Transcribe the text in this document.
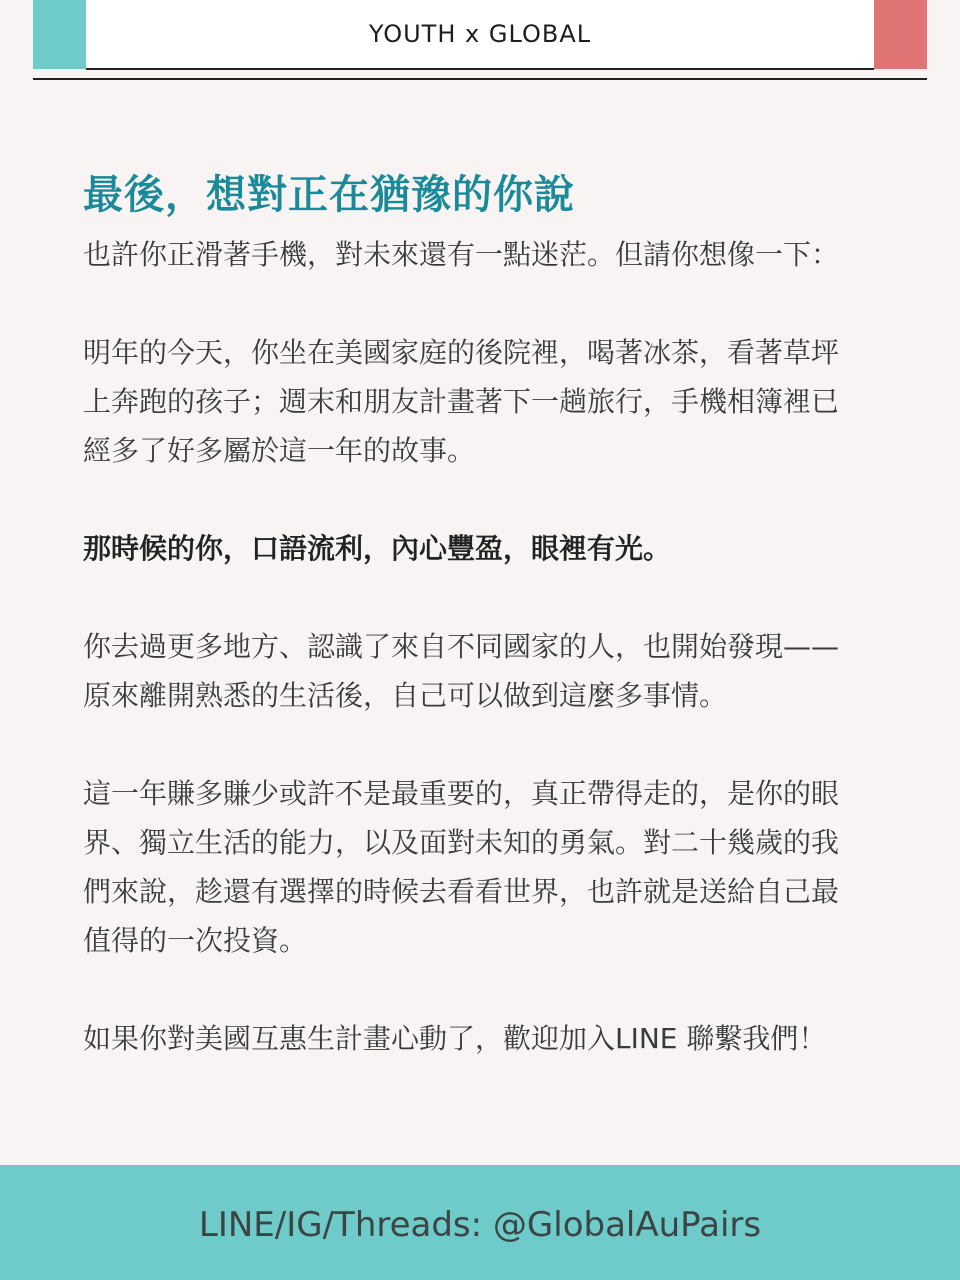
YOUTH x GLOBAL
最後，想對正在猶豫的你說

也許你正滑著手機，對未來還有一點迷茫。但請你想像一下：

明年的今天，你坐在美國家庭的後院裡，喝著冰茶，看著草坪

上奔跑的孩子；週末和朋友計畫著下一趟旅行，手機相簿裡已

經多了好多屬於這一年的故事。

那時候的你，口語流利，內心豐盈，眼裡有光。

你去過更多地方、認識了來自不同國家的人，也開始發現——

原來離開熟悉的生活後，自己可以做到這麼多事情。

這一年賺多賺少或許不是最重要的，真正帶得走的，是你的眼

界、獨立生活的能力，以及面對未知的勇氣。對二十幾歲的我

們來說，趁還有選擇的時候去看看世界，也許就是送給自己最

值得的一次投資。

如果你對美國互惠生計畫心動了，歡迎加入LINE 聯繫我們！

LINE/IG/Threads: @GlobalAuPairs
